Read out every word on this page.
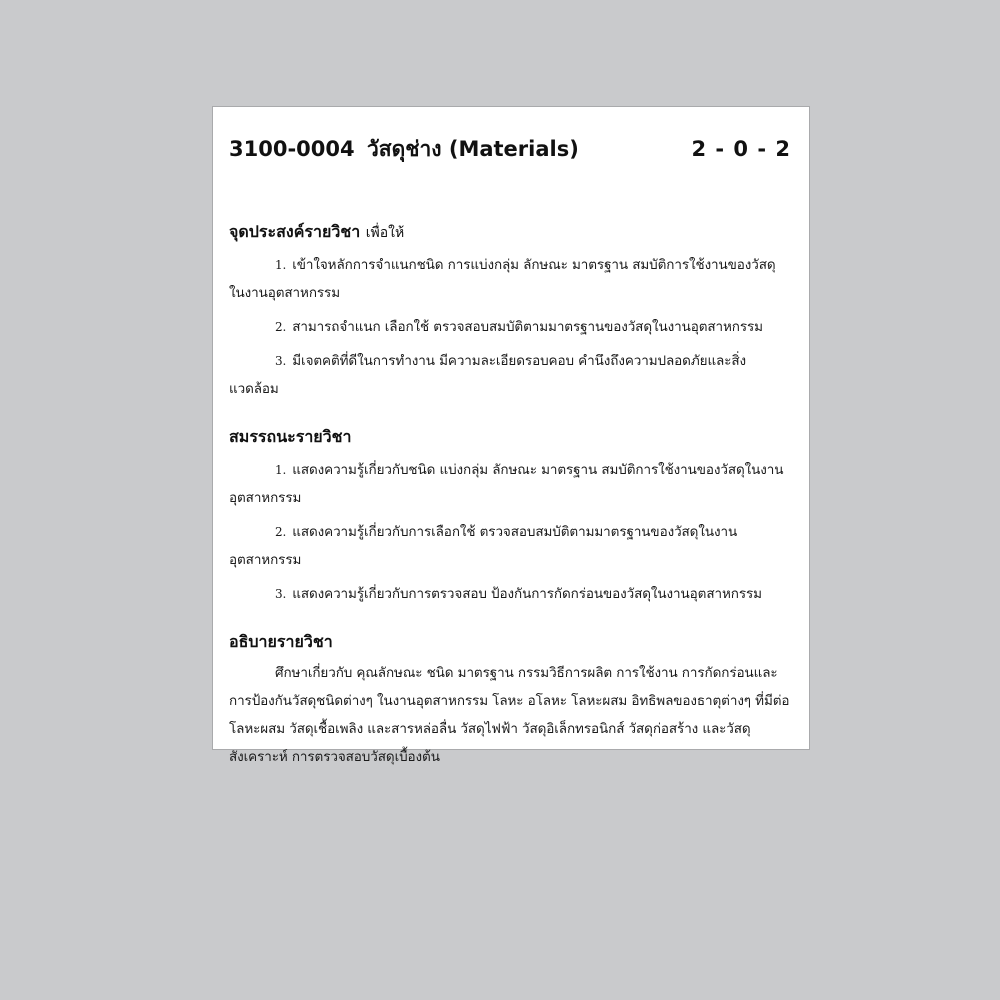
3100-0004 วัสดุช่าง (Materials)	2 - 0 - 2
จุดประสงค์รายวิชา เพื่อให้
1. เข้าใจหลักการจำแนกชนิด การแบ่งกลุ่ม ลักษณะ มาตรฐาน สมบัติการใช้งานของวัสดุในงานอุตสาหกรรม
2. สามารถจำแนก เลือกใช้ ตรวจสอบสมบัติตามมาตรฐานของวัสดุในงานอุตสาหกรรม
3. มีเจตคติที่ดีในการทำงาน มีความละเอียดรอบคอบ คำนึงถึงความปลอดภัยและสิ่งแวดล้อม
สมรรถนะรายวิชา
1. แสดงความรู้เกี่ยวกับชนิด แบ่งกลุ่ม ลักษณะ มาตรฐาน สมบัติการใช้งานของวัสดุในงานอุตสาหกรรม
2. แสดงความรู้เกี่ยวกับการเลือกใช้ ตรวจสอบสมบัติตามมาตรฐานของวัสดุในงานอุตสาหกรรม
3. แสดงความรู้เกี่ยวกับการตรวจสอบ ป้องกันการกัดกร่อนของวัสดุในงานอุตสาหกรรม
อธิบายรายวิชา

ศึกษาเกี่ยวกับ คุณลักษณะ ชนิด มาตรฐาน กรรมวิธีการผลิต การใช้งาน การกัดกร่อนและการป้องกันวัสดุชนิดต่างๆ ในงานอุตสาหกรรม โลหะ อโลหะ โลหะผสม อิทธิพลของธาตุต่างๆ ที่มีต่อโลหะผสม วัสดุเชื้อเพลิง และสารหล่อลื่น วัสดุไฟฟ้า วัสดุอิเล็กทรอนิกส์ วัสดุก่อสร้าง และวัสดุสังเคราะห์ การตรวจสอบวัสดุเบื้องต้น
